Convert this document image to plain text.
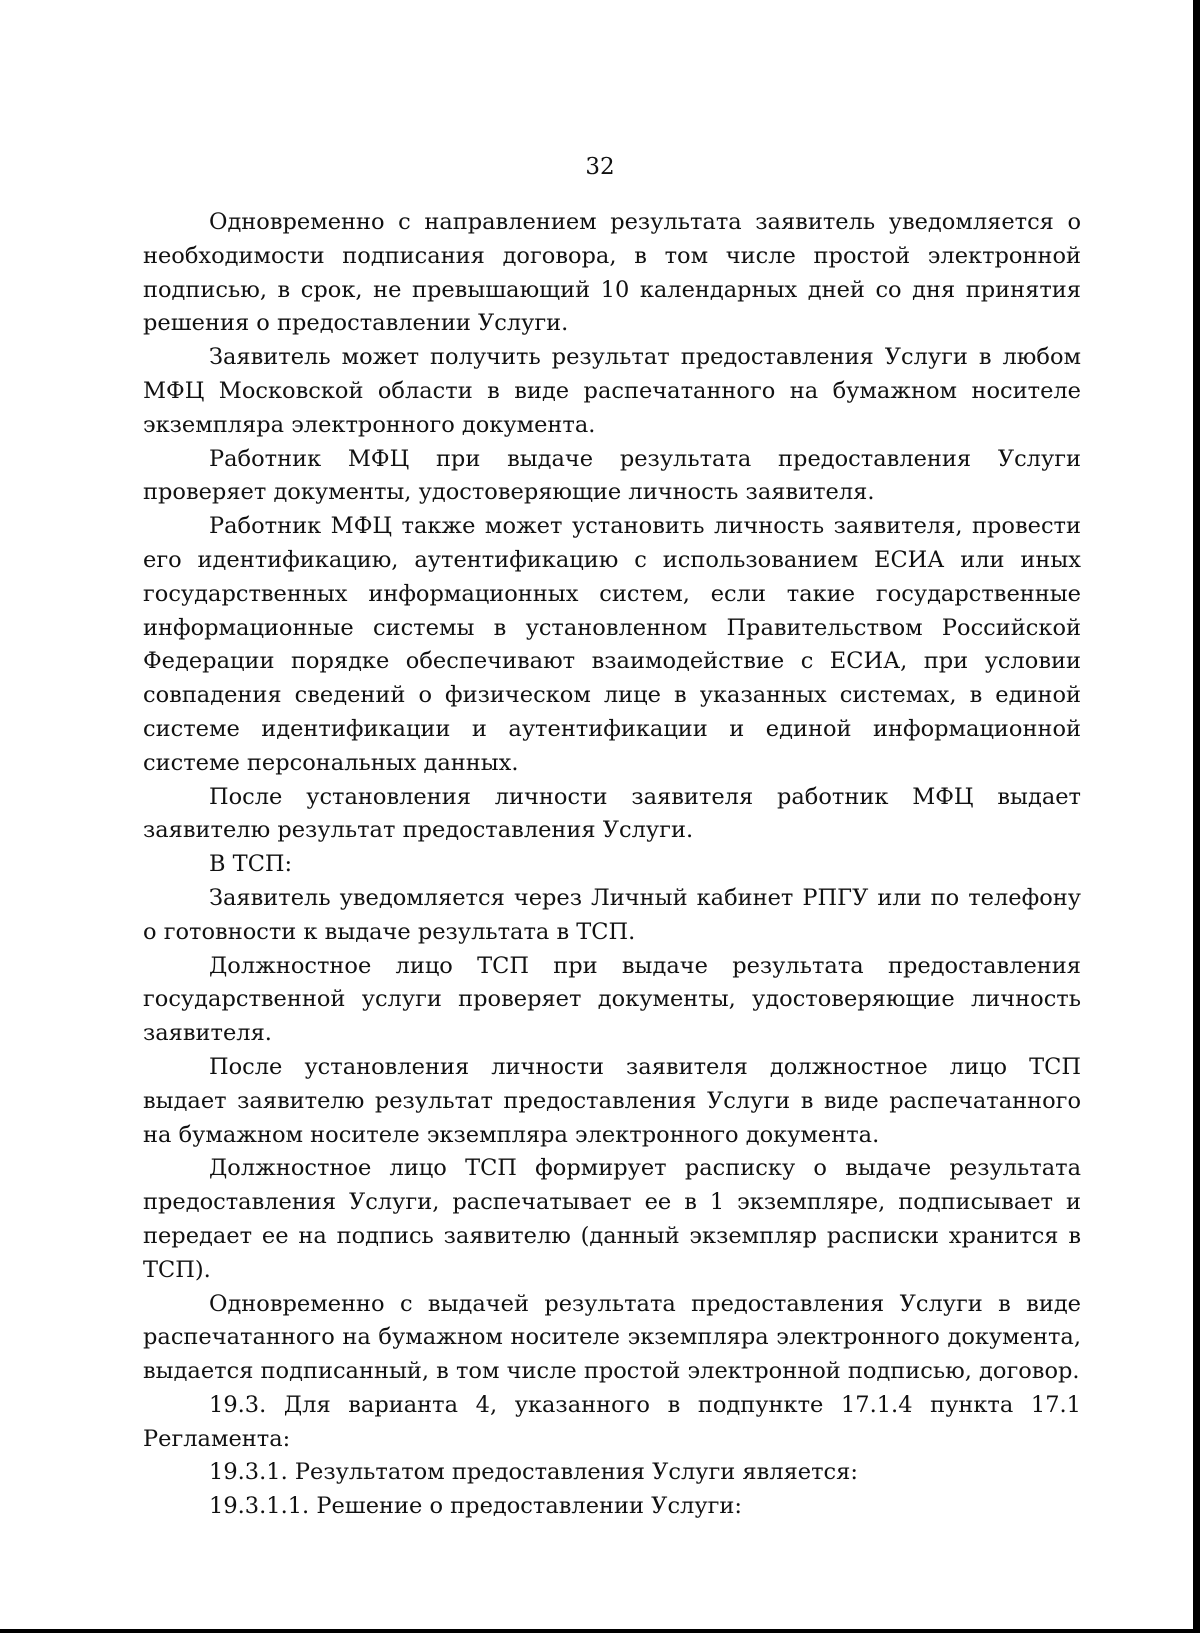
32

Одновременно с направлением результата заявитель уведомляется о необходимости подписания договора, в том числе простой электронной подписью, в срок, не превышающий 10 календарных дней со дня принятия решения о предоставлении Услуги.

Заявитель может получить результат предоставления Услуги в любом МФЦ Московской области в виде распечатанного на бумажном носителе экземпляра электронного документа.

Работник МФЦ при выдаче результата предоставления Услуги проверяет документы, удостоверяющие личность заявителя.

Работник МФЦ также может установить личность заявителя, провести его идентификацию, аутентификацию с использованием ЕСИА или иных государственных информационных систем, если такие государственные информационные системы в установленном Правительством Российской Федерации порядке обеспечивают взаимодействие с ЕСИА, при условии совпадения сведений о физическом лице в указанных системах, в единой системе идентификации и аутентификации и единой информационной системе персональных данных.

После установления личности заявителя работник МФЦ выдает заявителю результат предоставления Услуги.

В ТСП:

Заявитель уведомляется через Личный кабинет РПГУ или по телефону о готовности к выдаче результата в ТСП.

Должностное лицо ТСП при выдаче результата предоставления государственной услуги проверяет документы, удостоверяющие личность заявителя.

После установления личности заявителя должностное лицо ТСП выдает заявителю результат предоставления Услуги в виде распечатанного на бумажном носителе экземпляра электронного документа.

Должностное лицо ТСП формирует расписку о выдаче результата предоставления Услуги, распечатывает ее в 1 экземпляре, подписывает и передает ее на подпись заявителю (данный экземпляр расписки хранится в ТСП).

Одновременно с выдачей результата предоставления Услуги в виде распечатанного на бумажном носителе экземпляра электронного документа, выдается подписанный, в том числе простой электронной подписью, договор.

19.3. Для варианта 4, указанного в подпункте 17.1.4 пункта 17.1 Регламента:

19.3.1. Результатом предоставления Услуги является:

19.3.1.1. Решение о предоставлении Услуги:
